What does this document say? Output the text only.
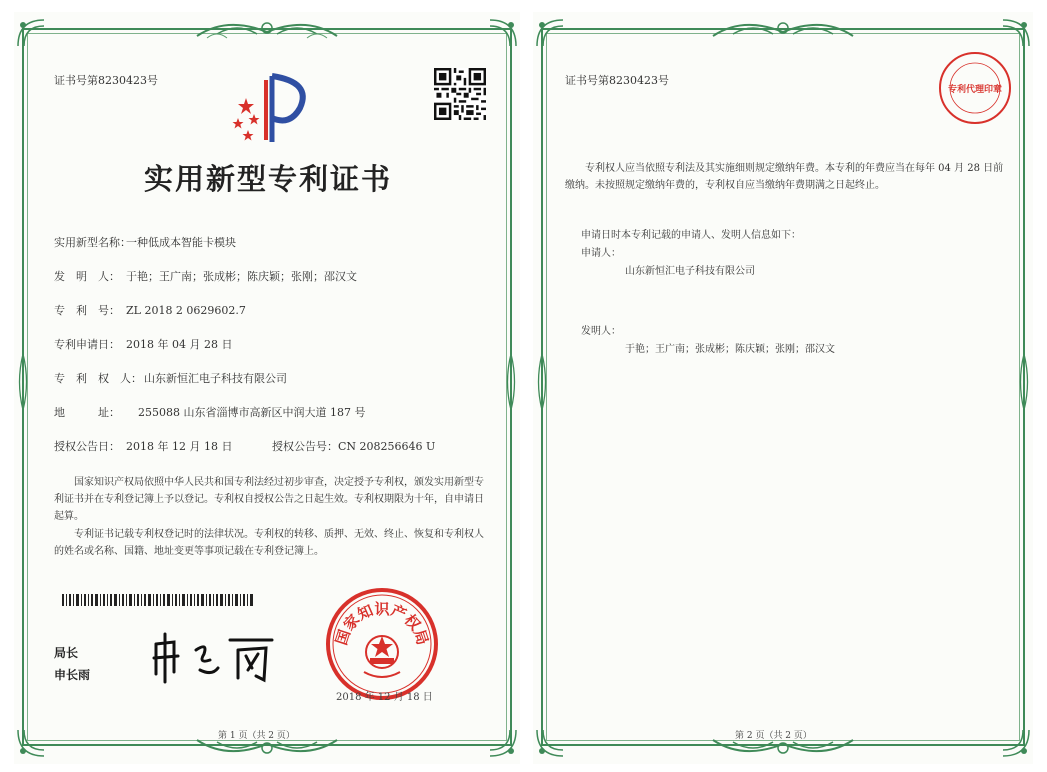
证书号第8230423号
实用新型专利证书
实用新型名称：一种低成本智能卡模块
发　明　人： 于艳；王广南；张成彬；陈庆颖；张刚；邵汉文
专　利　号： ZL 2018 2 0629602.7
专利申请日： 2018 年 04 月 28 日
专　利　权　人： 山东新恒汇电子科技有限公司
地　　　址： 255088 山东省淄博市高新区中润大道 187 号
授权公告日： 2018 年 12 月 18 日	授权公告号：CN 208256646 U
国家知识产权局依照中华人民共和国专利法经过初步审查，决定授予专利权，颁发实用新型专利证书并在专利登记簿上予以登记。专利权自授权公告之日起生效。专利权期限为十年，自申请日起算。
专利证书记载专利权登记时的法律状况。专利权的转移、质押、无效、终止、恢复和专利权人的姓名或名称、国籍、地址变更等事项记载在专利登记簿上。
局长
申长雨
国家知识产权局
2018 年 12 月 18 日
第 1 页（共 2 页）
证书号第8230423号
专利代理印章
专利权人应当依照专利法及其实施细则规定缴纳年费。本专利的年费应当在每年 04 月 28 日前缴纳。未按照规定缴纳年费的，专利权自应当缴纳年费期满之日起终止。
申请日时本专利记载的申请人、发明人信息如下：
申请人：
山东新恒汇电子科技有限公司
发明人：
于艳；王广南；张成彬；陈庆颖；张刚；邵汉文
第 2 页（共 2 页）
